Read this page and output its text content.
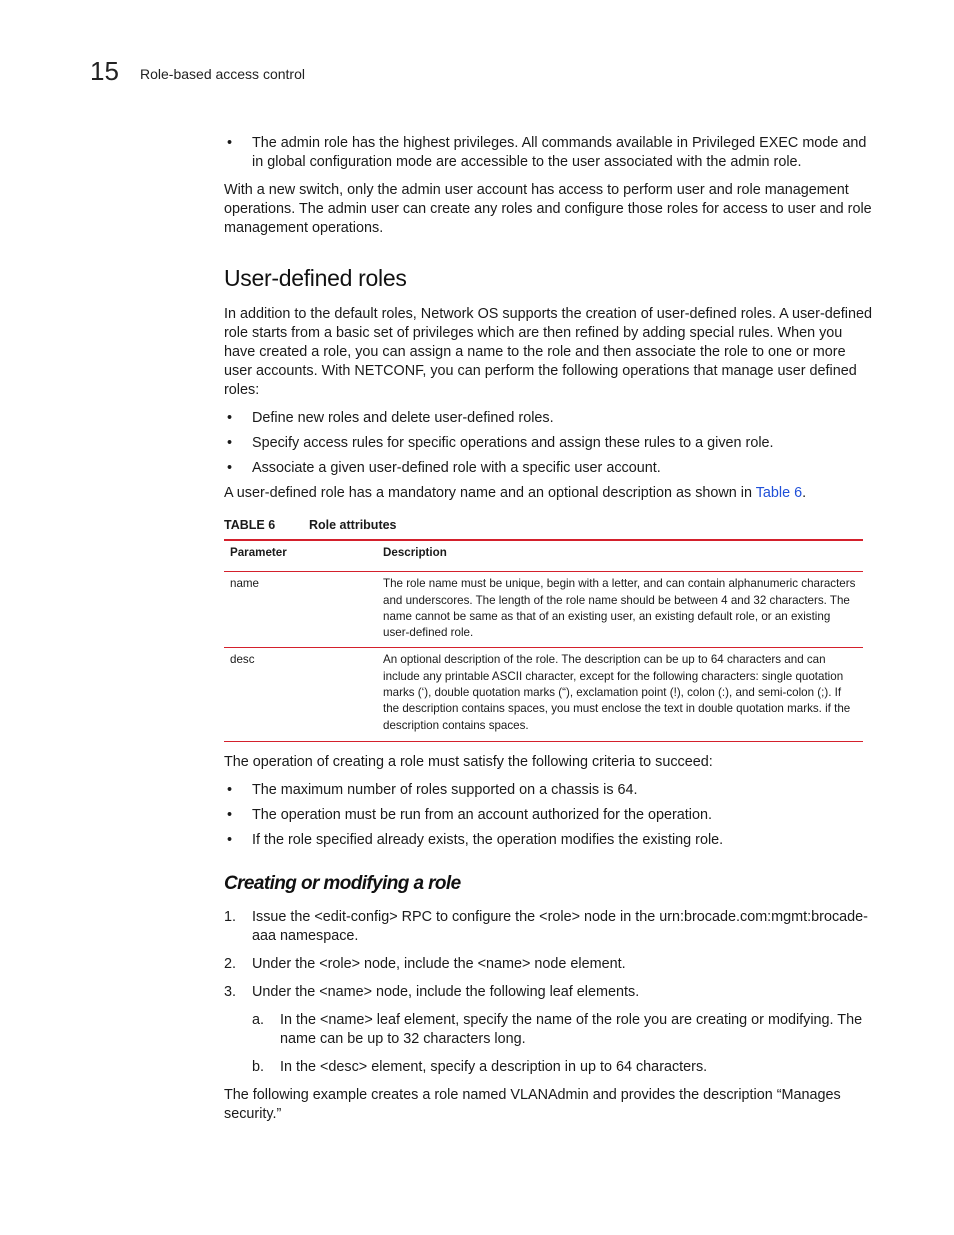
15 Role-based access control
• The admin role has the highest privileges. All commands available in Privileged EXEC mode and in global configuration mode are accessible to the user associated with the admin role.

With a new switch, only the admin user account has access to perform user and role management operations. The admin user can create any roles and configure those roles for access to user and role management operations.

User-defined roles

In addition to the default roles, Network OS supports the creation of user-defined roles. A user-defined role starts from a basic set of privileges which are then refined by adding special rules. When you have created a role, you can assign a name to the role and then associate the role to one or more user accounts. With NETCONF, you can perform the following operations that manage user defined roles:

• Define new roles and delete user-defined roles.
• Specify access rules for specific operations and assign these rules to a given role.
• Associate a given user-defined role with a specific user account.

A user-defined role has a mandatory name and an optional description as shown in Table 6.

TABLE 6	Role attributes
Parameter	Description
name	The role name must be unique, begin with a letter, and can contain alphanumeric characters and underscores. The length of the role name should be between 4 and 32 characters. The name cannot be same as that of an existing user, an existing default role, or an existing user-defined role.
desc	An optional description of the role. The description can be up to 64 characters and can include any printable ASCII character, except for the following characters: single quotation marks (‘), double quotation marks (“), exclamation point (!), colon (:), and semi-colon (;). If the description contains spaces, you must enclose the text in double quotation marks. if the description contains spaces.

The operation of creating a role must satisfy the following criteria to succeed:

• The maximum number of roles supported on a chassis is 64.
• The operation must be run from an account authorized for the operation.
• If the role specified already exists, the operation modifies the existing role.
Creating or modifying a role
1. Issue the <edit-config> RPC to configure the <role> node in the urn:brocade.com:mgmt:brocade-aaa namespace.
2. Under the <role> node, include the <name> node element.
3. Under the <name> node, include the following leaf elements.
a. In the <name> leaf element, specify the name of the role you are creating or modifying. The name can be up to 32 characters long.
b. In the <desc> element, specify a description in up to 64 characters.

The following example creates a role named VLANAdmin and provides the description “Manages security.”
